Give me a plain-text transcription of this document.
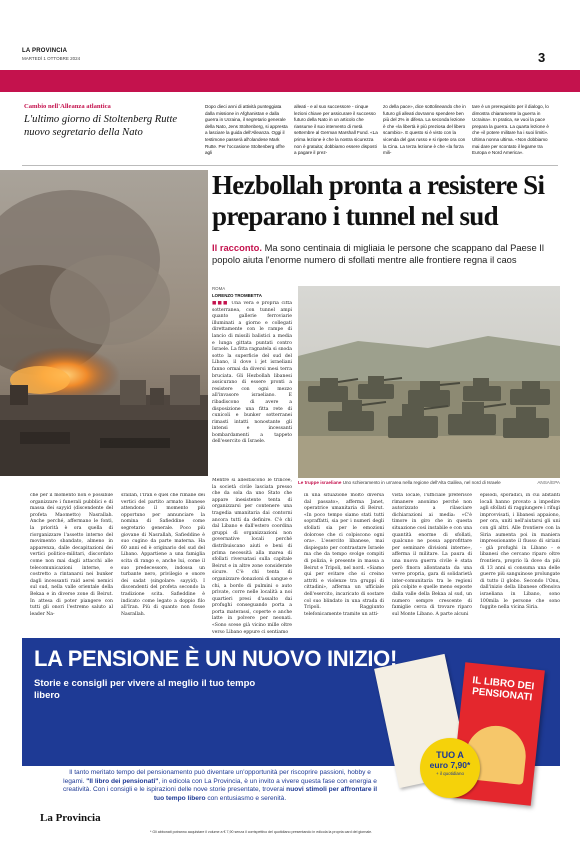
LA PROVINCIA
MARTEDÌ 1 OTTOBRE 2024	3
Cambio nell'Alleanza atlantica
L'ultimo giorno di Stoltenberg Rutte nuovo segretario della Nato
Dopo dieci anni di attività punteggiata dalla missione in Afghanistan e dalla guerra in Ucraina, il segretario generale della Nato, Jens Stoltenberg, si appresta a lasciare la guida dell'Alleanza. Oggi il testimone passerà all'olandese Mark Rutte. Per l'occasione Stoltenberg offre agli
alleati - e al suo successore - cinque lezioni chiave per assicurare il successo futuro della Nato in un articolo che riassume il suo intervento di metà settembre al German Marshall Fund. «La prima lezione è che la nostra sicurezza non è gratuita; dobbiamo essere disposti a pagare il prez-
zo della pace», dice sottolineando che in futuro gli alleati dovranno spendere ben più del 2% in difesa. La seconda lezione è che «la libertà è più preziosa del libero scambio». E questo si è visto con la vicenda del gas russo e si ripete ora con la Cina. La terza lezione è che «la forza mili-
tare è un prerequisito per il dialogo, lo dimostra chiaramente la guerra in Ucraina». In pratica, se vuoi la pace prepara la guerra. La quarta lezione è che «il potere militare ha i suoi limiti». Ultima nonna ultima. «Non dobbiamo mai dare per scontato il legame tra Europa e Nord America».
Hezbollah pronta a resistere Si preparano i tunnel nel sud
Il racconto. Ma sono centinaia di migliaia le persone che scappano dal Paese Il popolo aiuta l'enorme numero di sfollati mentre alle frontiere regna il caos
ROMA
LORENZO TROMBETTA
■■■ Una vera e propria città sotterranea, con tunnel ampi quanto gallerie ferroviarie illuminati a giorno e collegati direttamente con le rampe di lancio di missili balistici a media e lunga gittata puntati contro Israele. La fitta ragnatela si snoda sotto la superficie del sud del Libano, il dove i jet israeliani fanno ormai da diversi mesi terra bruciata. Gli Hezbollah libanesi assicurano di essere pronti a resistere con ogni mezzo all'invasore israeliano. E ribadiscono di avere a disposizione una fitta rete di cunicoli e bunker sotterranei rimasti intatti nonostante gli intensi e incessanti bombardamenti a tappeto dell'esercito di Israele.
Mentre si allestiscono le trincee, la società civile lasciata presso che da sola da uno Stato che appare inesistente tenta di organizzarsi per contenere una tragedia umanitaria dai contorni ancora tutti da definire. C'è chi dal Libano e dall'estero coordina gruppi di organizzazioni non governative locali perché distribuiscano aiuti e beni di prima necessità alla marea di sfollati riversatasi sulla capitale Beirut e in altre zone considerate sicure. C'è chi tenta di organizzare donazioni di sangue e chi, a bordo di pulmini o auto private, corre nelle località a noi quartieri presi d'assalto dai profughi conseguando porta a porta materassi, coperte e anche latte in polvere per neonati. «Sono scese già vicino mille oltre verso Libano eppure ci sentiamo
Le truppe israeliane Uno schieramento in un'area nella regione dell'Alta Galilea, nel nord di Israele	ANSA/EPA
che per il momento non è possibile organizzare i funerali pubblici e di massa dei sayyid (discendente del profeta Maometto) Nasrallah. Anche perché, affermano le fonti, la priorità è ora quella di riorganizzare l'assetto interno del movimento sbandato, almeno in apparenza, dalle decapitazioni dei vertici politico-militari, discordato come non mai dagli attacchi alle telecomunicazioni interne, e costretto a rintanarsi nei bunker dagli incessanti raid aerei nemici sul sud, nella valle orientale della Bekaa e in diverse zone di Beirut. In attesa di poter piangere con tutti gli onori l'estremo saluto al leader Na-
srallah, l'Iran e quel che rimane dei vertici del partito armato libanese attendono il momento più opportuno per annunciare la nomina di Safieddine come segretario generale. Poco più giovane di Nasrallah, Safieddine è suo cugino da parte materna. Ha 60 anni ed è originario del sud del Libano. Appartiene a una famiglia scita di rango e, anche lui, come il suo predecessore, indossa un turbante nero, privilegio e onore dei sadat (singolare: sayyid). I discendenti del profeta secondo la tradizione scita. Safieddine è indicato come legato a doppio filo all'Iran. Più di quanto non fosse Nasrallah.
in una situazione molto diversa dal passato», afferma Janet, operatrice umanitaria di Beirut. «In poco tempo siamo stati tutti sopraffatti, sia per i numeri degli sfollati sia per le emozioni dolorose che ci colpiscono ogni ora». L'esercito libanese, mai dispiegato per contrastare Israele ma che da tempo svolge compiti di polizia, è presente in massa a Beirut e Tripoli, nel nord. «Siamo qui per evitare che si creino attriti e violenze tra gruppi di cittadini», afferma un ufficiale dell'esercito, incaricato di sostare col suo blindato in una strada di Tripoli. Raggiunto telefonicamente tramite un atti-
vista locale, l'ufficiale preferisce rimanere anonimo perché non autorizzato a rilasciare dichiarazioni ai media: «C'è timore in giro che in questa situazione così instabile e con una quantità enorme di sfollati, qualcuno ne possa approfittare per seminare divisioni interne», afferma il militare. La paura di una nuova guerra civile è stata però finora allontanata da una verve propria, gara di solidarietà inter-comunitaria tra le regioni più colpite e quelle meno esposte dalla valle della Bekaa al sud, un numero sempre crescente di famiglie cerca di trovare riparo sul Monte Libano. A parte alcuni
episodi, sporadici, in cui abitanti locali hanno provato a impedire agli sfollati di raggiungere i rifugi improvvisati, i libanesi appaiono, per ora, uniti nell'aiutarsi gli uni con gli altri. Alle frontiere con la Siria aumenta poi in maniera impressionante il flusso di siriani - già profughi in Libano - e libanesi che cercano riparo oltre frontiera, proprio là dove da più di 13 anni si consuma una delle guerre più sanguinose prolungate di tutto il globo. Secondo l'Onu, dall'inizio della libanese offensiva israeliana in Libano, sono 100mila le persone che sono fuggite nella vicina Siria.
LA PENSIONE È UN NUOVO INIZIO!
Storie e consigli per vivere al meglio il tuo tempo libero
Il tanto meritato tempo del pensionamento può diventare un'opportunità per riscoprire passioni, hobby e legami. "Il libro dei pensionati", in edicola con La Provincia, è un invito a vivere questa fase con energia e creatività. Con i consigli e le ispirazioni delle nove storie presentate, troverai nuovi stimoli per affrontare il tuo tempo libero con entusiasmo e serenità.
La Provincia
* Gli abbonati potranno acquistare il volume a € 7,90 senza il corrispettivo del quotidiano presentando in edicola la propria card del giornale.
IL LIBRO DEI PENSIONATI
TUO A
euro 7,90*
+ il quotidiano
